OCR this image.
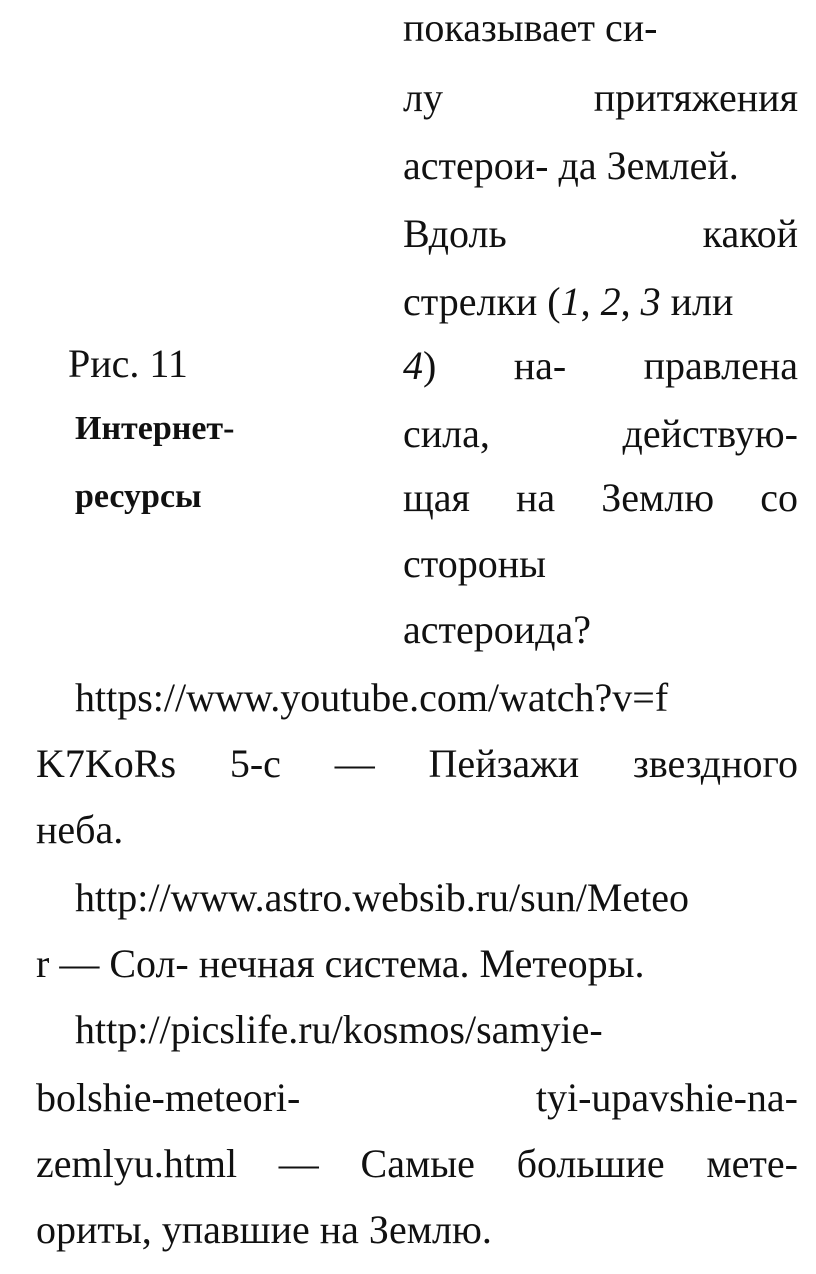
показывает си-
лу	притяжения
астерои- да Землей.
Вдоль	какой
стрелки (1, 2, 3 или
4) на- правлена
сила,	действую-
щая на Землю со
стороны
астероида?
Рис. 11
Интернет-
ресурсы
https://www.youtube.com/watch?v=f
K7KoRs 5-c — Пейзажи звездного
неба.
http://www.astro.websib.ru/sun/Meteo
r — Сол- нечная система. Метеоры.
http://picslife.ru/kosmos/samyie-
bolshie-meteori-	tyi-upavshie-na-
zemlyu.html — Самые большие мете-
ориты, упавшие на Землю.
